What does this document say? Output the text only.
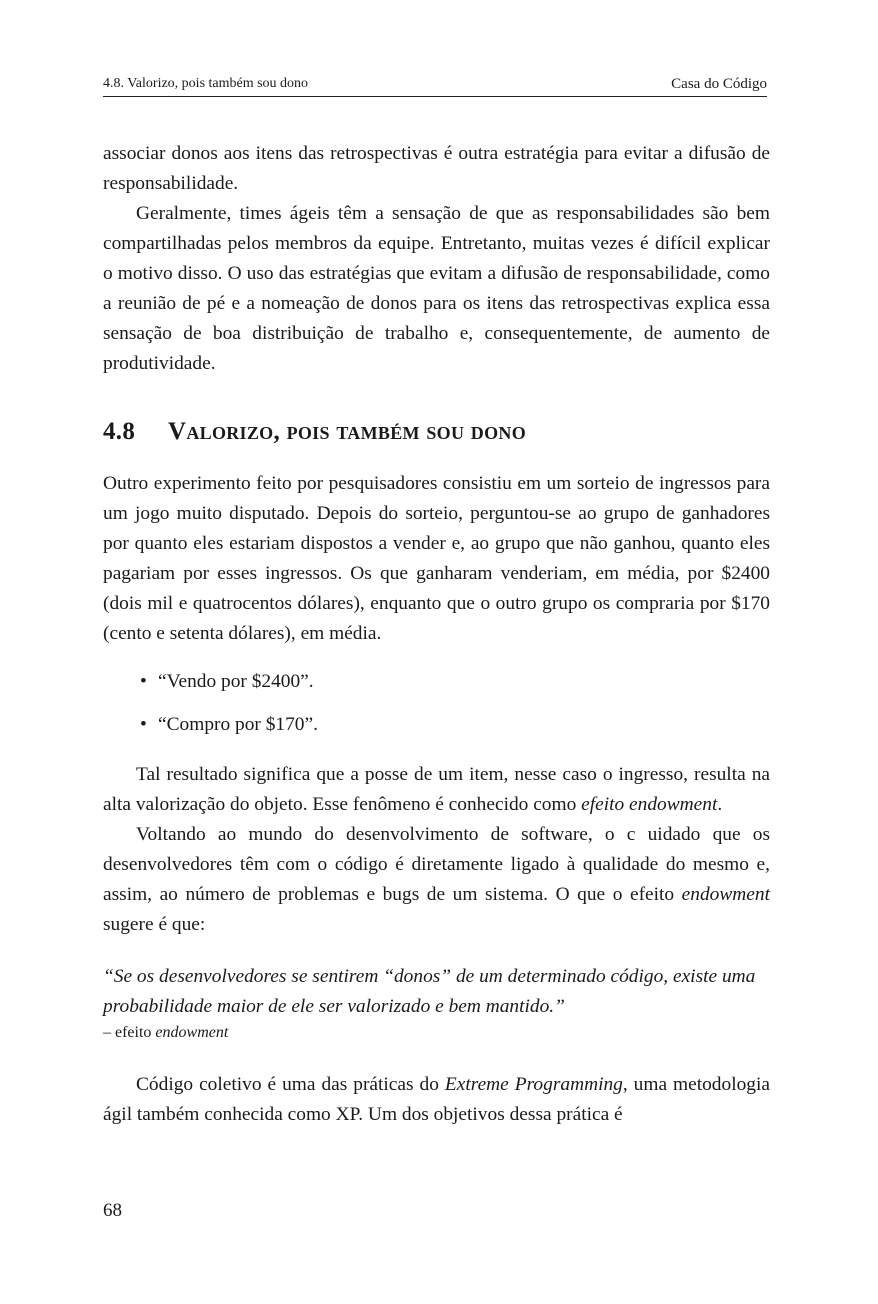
4.8. Valorizo, pois também sou dono	Casa do Código

associar donos aos itens das retrospectivas é outra estratégia para evitar a difusão de responsabilidade.

Geralmente, times ágeis têm a sensação de que as responsabilidades são bem compartilhadas pelos membros da equipe. Entretanto, muitas vezes é difícil explicar o motivo disso. O uso das estratégias que evitam a difusão de responsabilidade, como a reunião de pé e a nomeação de donos para os itens das retrospectivas explica essa sensação de boa distribuição de trabalho e, consequentemente, de aumento de produtividade.

4.8 Valorizo, pois também sou dono

Outro experimento feito por pesquisadores consistiu em um sorteio de ingressos para um jogo muito disputado. Depois do sorteio, perguntou-se ao grupo de ganhadores por quanto eles estariam dispostos a vender e, ao grupo que não ganhou, quanto eles pagariam por esses ingressos. Os que ganharam venderiam, em média, por $2400 (dois mil e quatrocentos dólares), enquanto que o outro grupo os compraria por $170 (cento e setenta dólares), em média.

• “Vendo por $2400”.
• “Compro por $170”.

Tal resultado significa que a posse de um item, nesse caso o ingresso, resulta na alta valorização do objeto. Esse fenômeno é conhecido como efeito endowment.

Voltando ao mundo do desenvolvimento de software, o c uidado que os desenvolvedores têm com o código é diretamente ligado à qualidade do mesmo e, assim, ao número de problemas e bugs de um sistema. O que o efeito endowment sugere é que:

“Se os desenvolvedores se sentirem “donos” de um determinado código, existe uma probabilidade maior de ele ser valorizado e bem mantido.”
– efeito endowment

Código coletivo é uma das práticas do Extreme Programming, uma metodologia ágil também conhecida como XP. Um dos objetivos dessa prática é

68
